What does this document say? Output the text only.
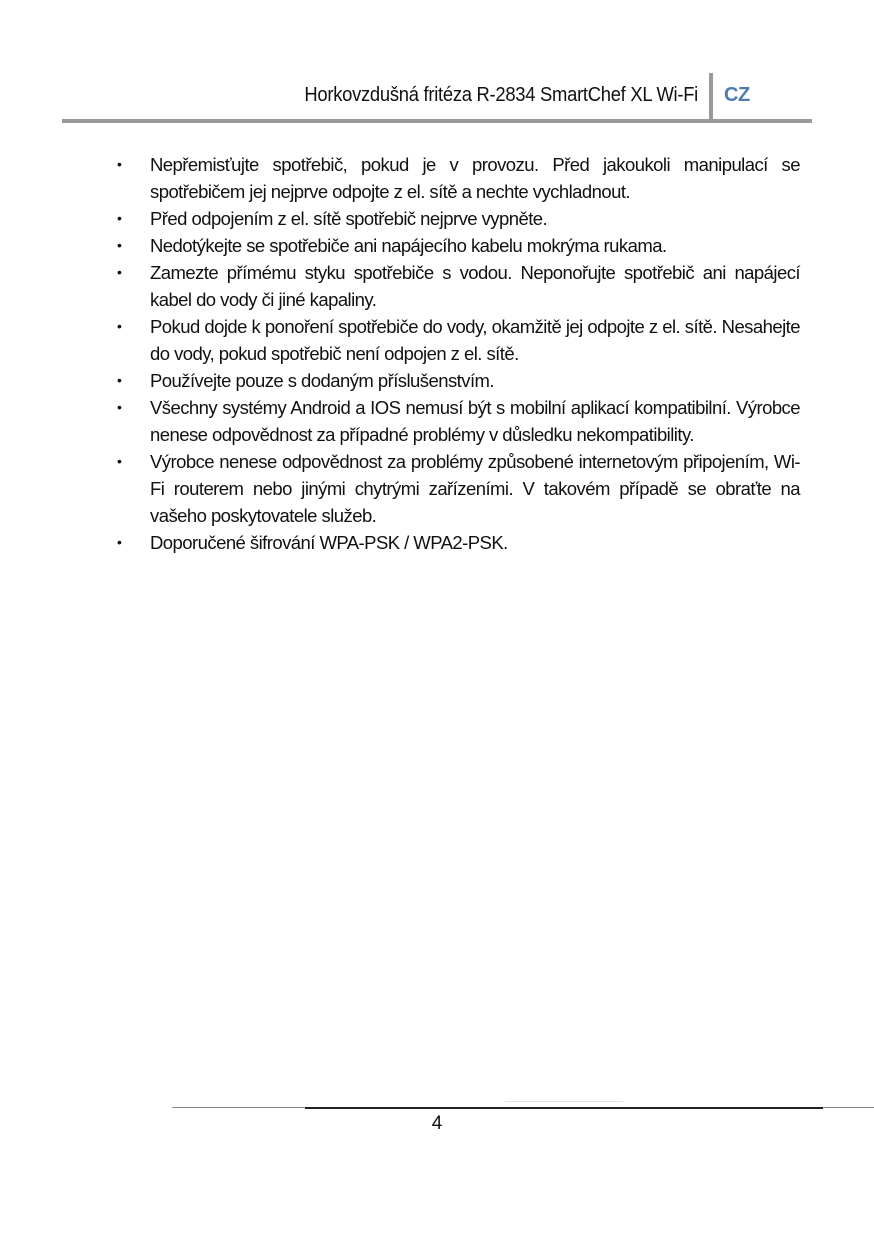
Horkovzdušná fritéza R-2834 SmartChef XL Wi-Fi CZ
• Nepřemisťujte spotřebič, pokud je v provozu. Před jakoukoli manipulací se spotřebičem jej nejprve odpojte z el. sítě a nechte vychladnout.
• Před odpojením z el. sítě spotřebič nejprve vypněte.
• Nedotýkejte se spotřebiče ani napájecího kabelu mokrýma rukama.
• Zamezte přímému styku spotřebiče s vodou. Neponořujte spotřebič ani napájecí kabel do vody či jiné kapaliny.
• Pokud dojde k ponoření spotřebiče do vody, okamžitě jej odpojte z el. sítě. Nesahejte do vody, pokud spotřebič není odpojen z el. sítě.
• Používejte pouze s dodaným příslušenstvím.
• Všechny systémy Android a IOS nemusí být s mobilní aplikací kompatibilní. Výrobce nenese odpovědnost za případné problémy v důsledku nekompatibility.
• Výrobce nenese odpovědnost za problémy způsobené internetovým připojením, Wi-Fi routerem nebo jinými chytrými zařízeními. V takovém případě se obraťte na vašeho poskytovatele služeb.
• Doporučené šifrování WPA-PSK / WPA2-PSK.
4
